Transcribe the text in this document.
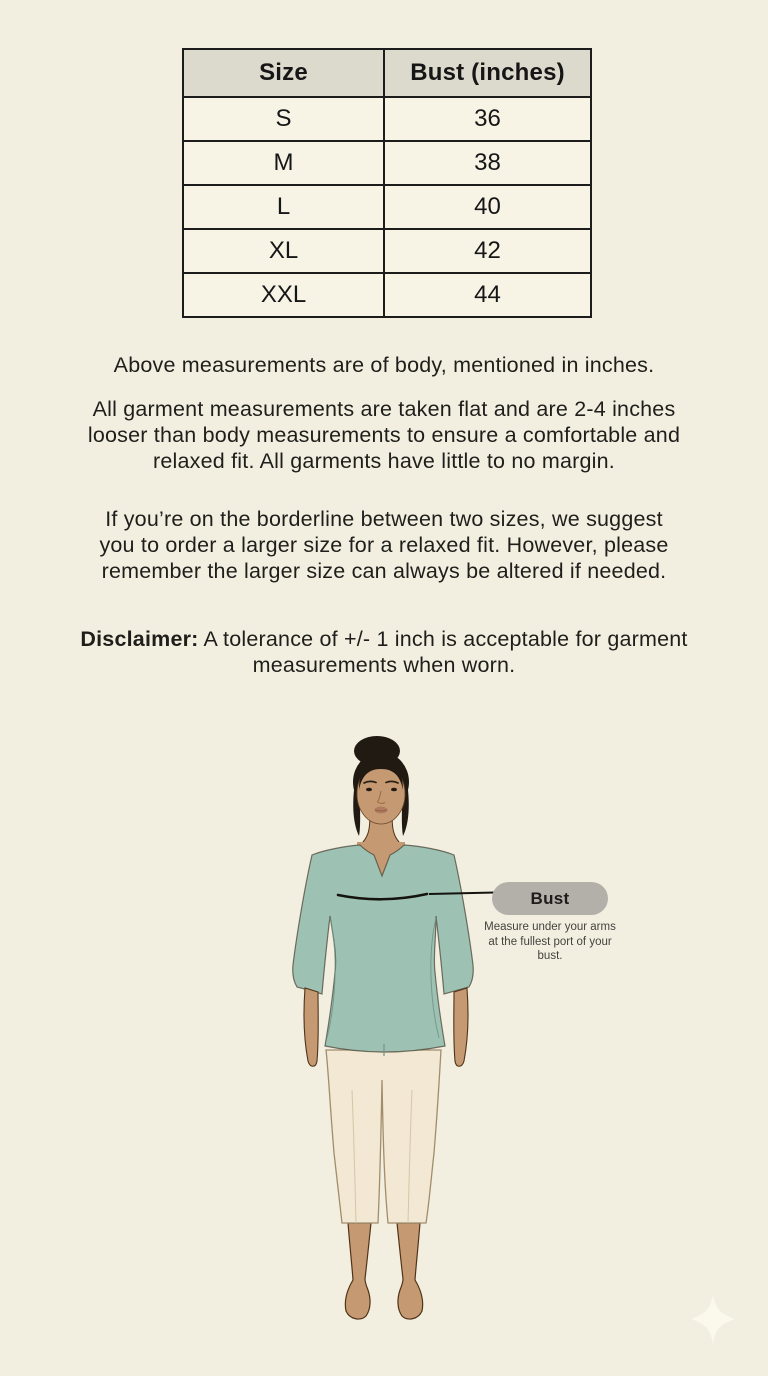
Size	Bust (inches)
S	36
M	38
L	40
XL	42
XXL	44
Above measurements are of body, mentioned in inches.
All garment measurements are taken flat and are 2-4 inches
looser than body measurements to ensure a comfortable and
relaxed fit. All garments have little to no margin.
If you’re on the borderline between two sizes, we suggest
you to order a larger size for a relaxed fit. However, please
remember the larger size can always be altered if needed.
Disclaimer: A tolerance of +/- 1 inch is acceptable for garment
measurements when worn.
Bust
Measure under your arms
at the fullest port of your
bust.
